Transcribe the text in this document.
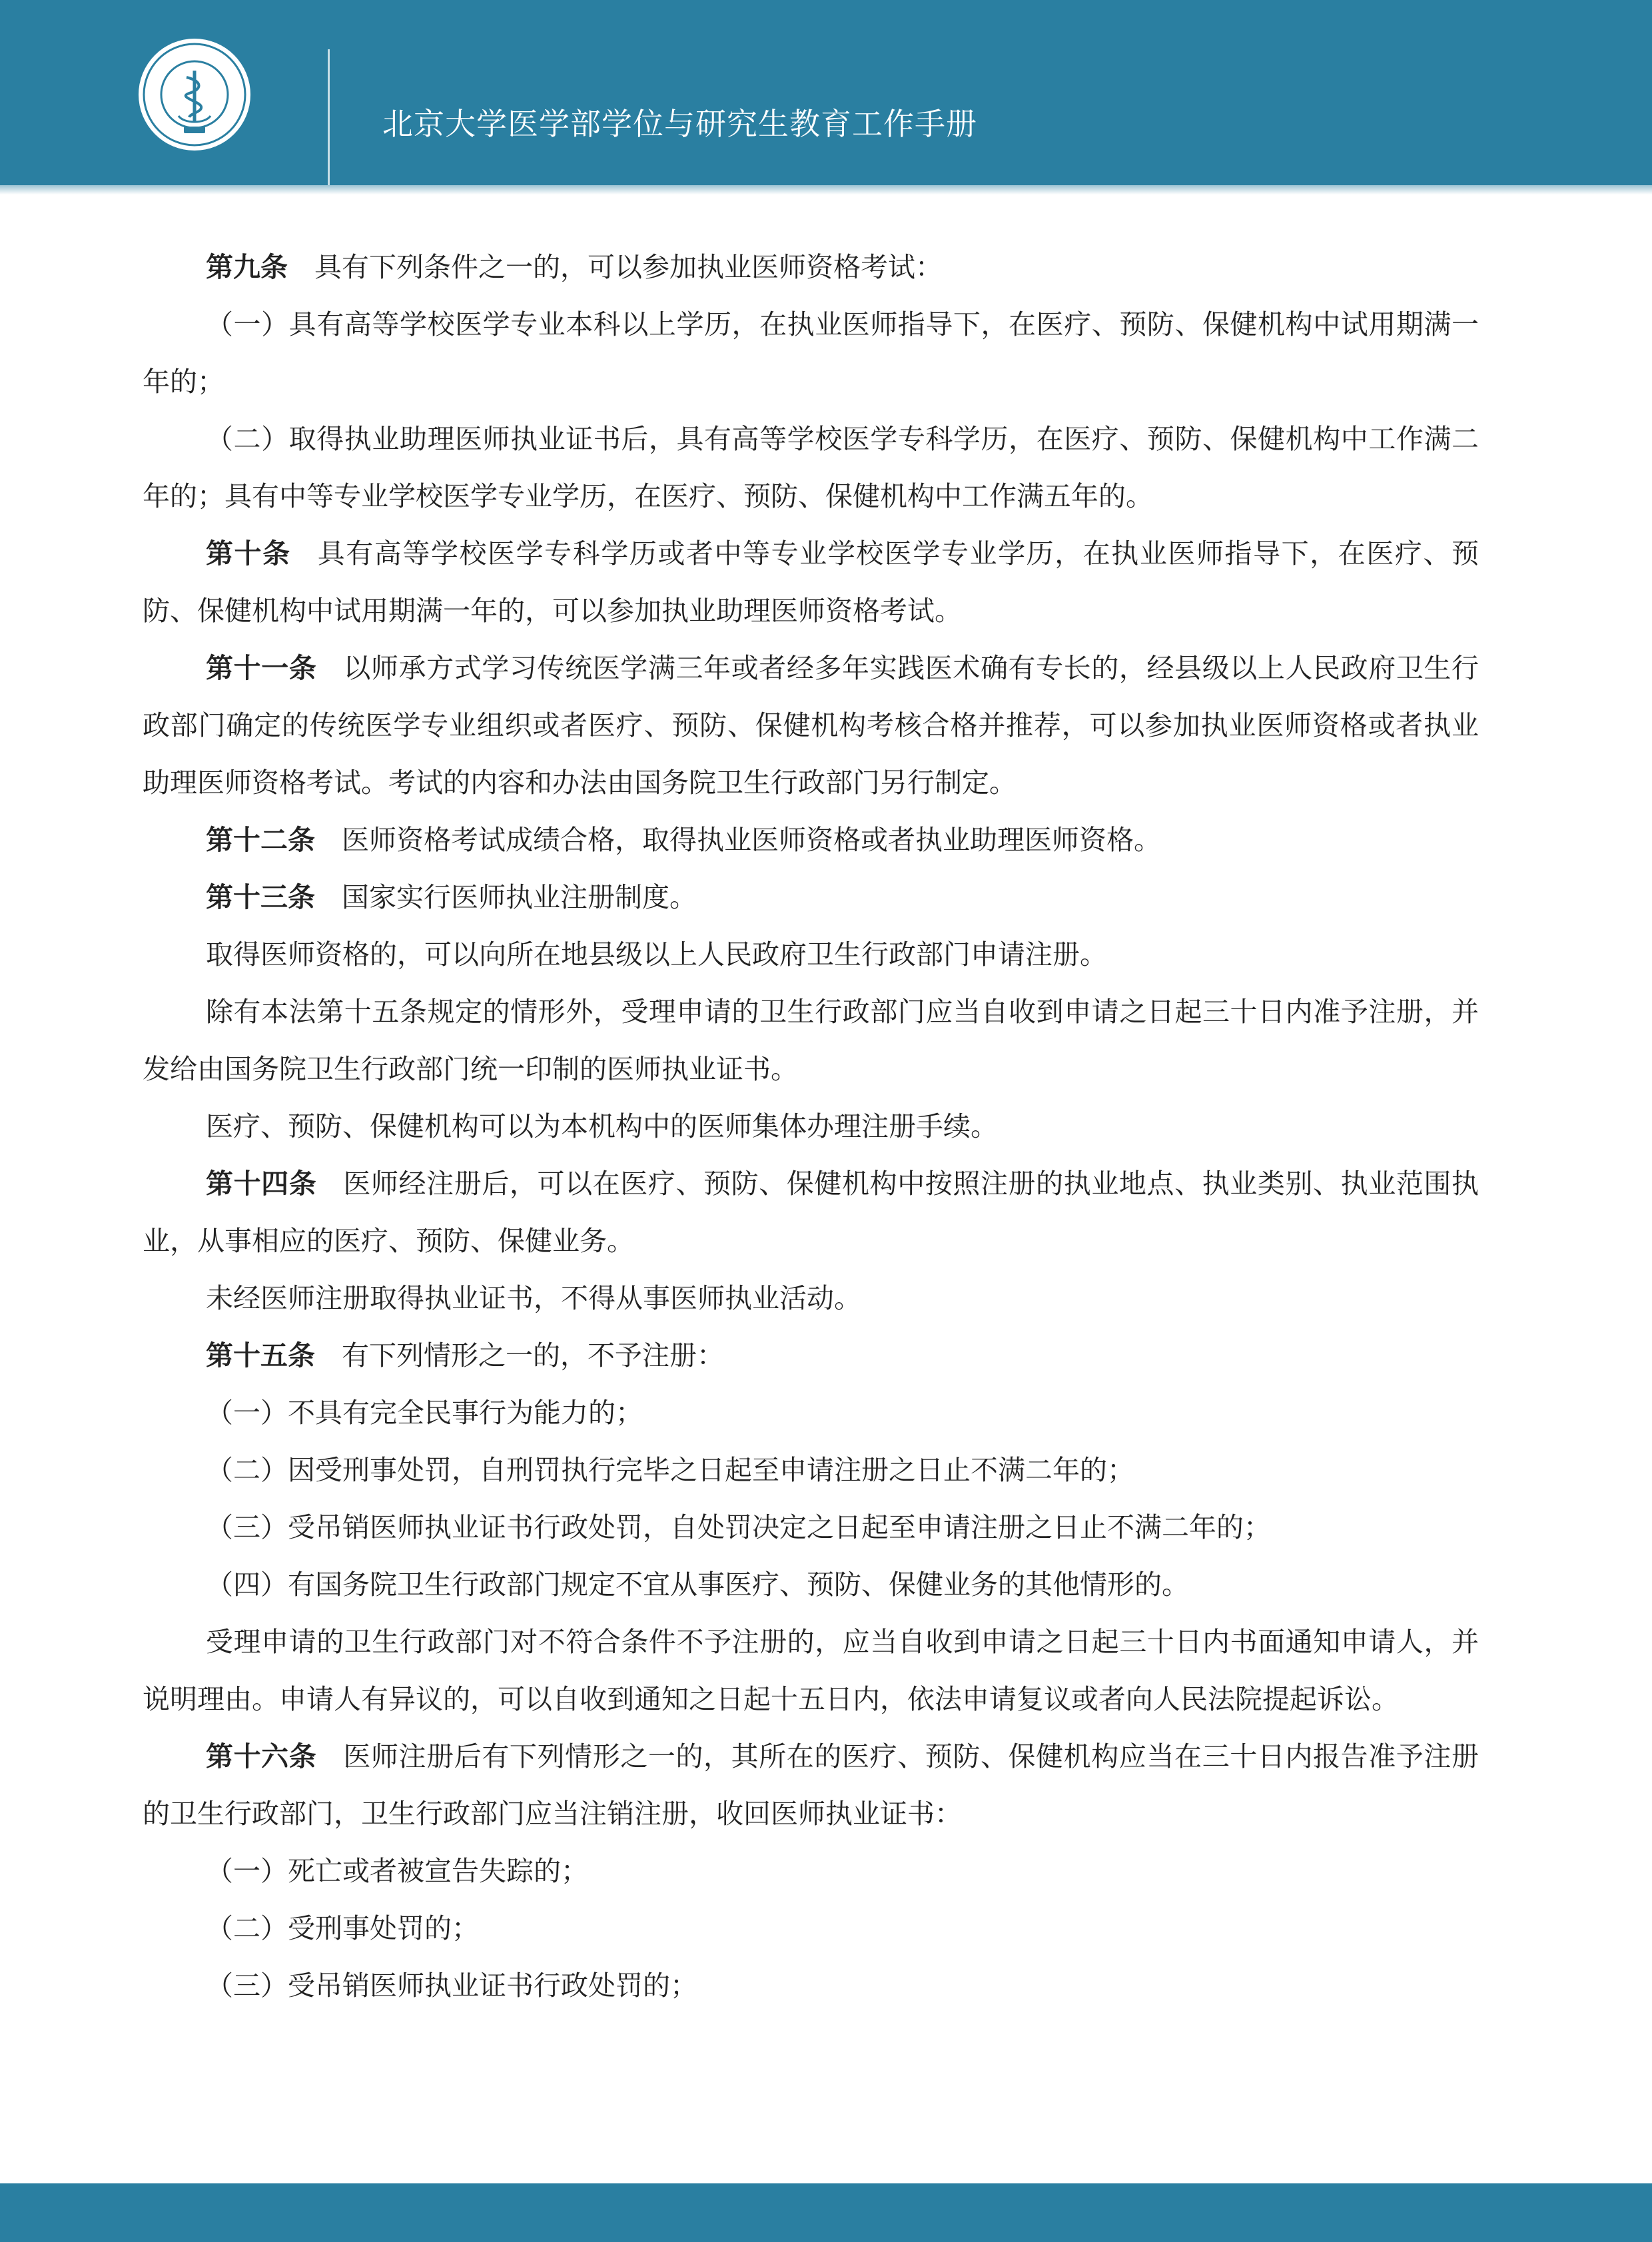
北京大学医学部学位与研究生教育工作手册

第九条 具有下列条件之一的，可以参加执业医师资格考试：

（一）具有高等学校医学专业本科以上学历，在执业医师指导下，在医疗、预防、保健机构中试用期满一年的；

（二）取得执业助理医师执业证书后，具有高等学校医学专科学历，在医疗、预防、保健机构中工作满二年的；具有中等专业学校医学专业学历，在医疗、预防、保健机构中工作满五年的。

第十条 具有高等学校医学专科学历或者中等专业学校医学专业学历，在执业医师指导下，在医疗、预防、保健机构中试用期满一年的，可以参加执业助理医师资格考试。

第十一条 以师承方式学习传统医学满三年或者经多年实践医术确有专长的，经县级以上人民政府卫生行政部门确定的传统医学专业组织或者医疗、预防、保健机构考核合格并推荐，可以参加执业医师资格或者执业助理医师资格考试。考试的内容和办法由国务院卫生行政部门另行制定。

第十二条 医师资格考试成绩合格，取得执业医师资格或者执业助理医师资格。

第十三条 国家实行医师执业注册制度。

取得医师资格的，可以向所在地县级以上人民政府卫生行政部门申请注册。

除有本法第十五条规定的情形外，受理申请的卫生行政部门应当自收到申请之日起三十日内准予注册，并发给由国务院卫生行政部门统一印制的医师执业证书。

医疗、预防、保健机构可以为本机构中的医师集体办理注册手续。

第十四条 医师经注册后，可以在医疗、预防、保健机构中按照注册的执业地点、执业类别、执业范围执业，从事相应的医疗、预防、保健业务。

未经医师注册取得执业证书，不得从事医师执业活动。

第十五条 有下列情形之一的，不予注册：

（一）不具有完全民事行为能力的；

（二）因受刑事处罚，自刑罚执行完毕之日起至申请注册之日止不满二年的；

（三）受吊销医师执业证书行政处罚，自处罚决定之日起至申请注册之日止不满二年的；

（四）有国务院卫生行政部门规定不宜从事医疗、预防、保健业务的其他情形的。

受理申请的卫生行政部门对不符合条件不予注册的，应当自收到申请之日起三十日内书面通知申请人，并说明理由。申请人有异议的，可以自收到通知之日起十五日内，依法申请复议或者向人民法院提起诉讼。

第十六条 医师注册后有下列情形之一的，其所在的医疗、预防、保健机构应当在三十日内报告准予注册的卫生行政部门，卫生行政部门应当注销注册，收回医师执业证书：

（一）死亡或者被宣告失踪的；

（二）受刑事处罚的；

（三）受吊销医师执业证书行政处罚的；
